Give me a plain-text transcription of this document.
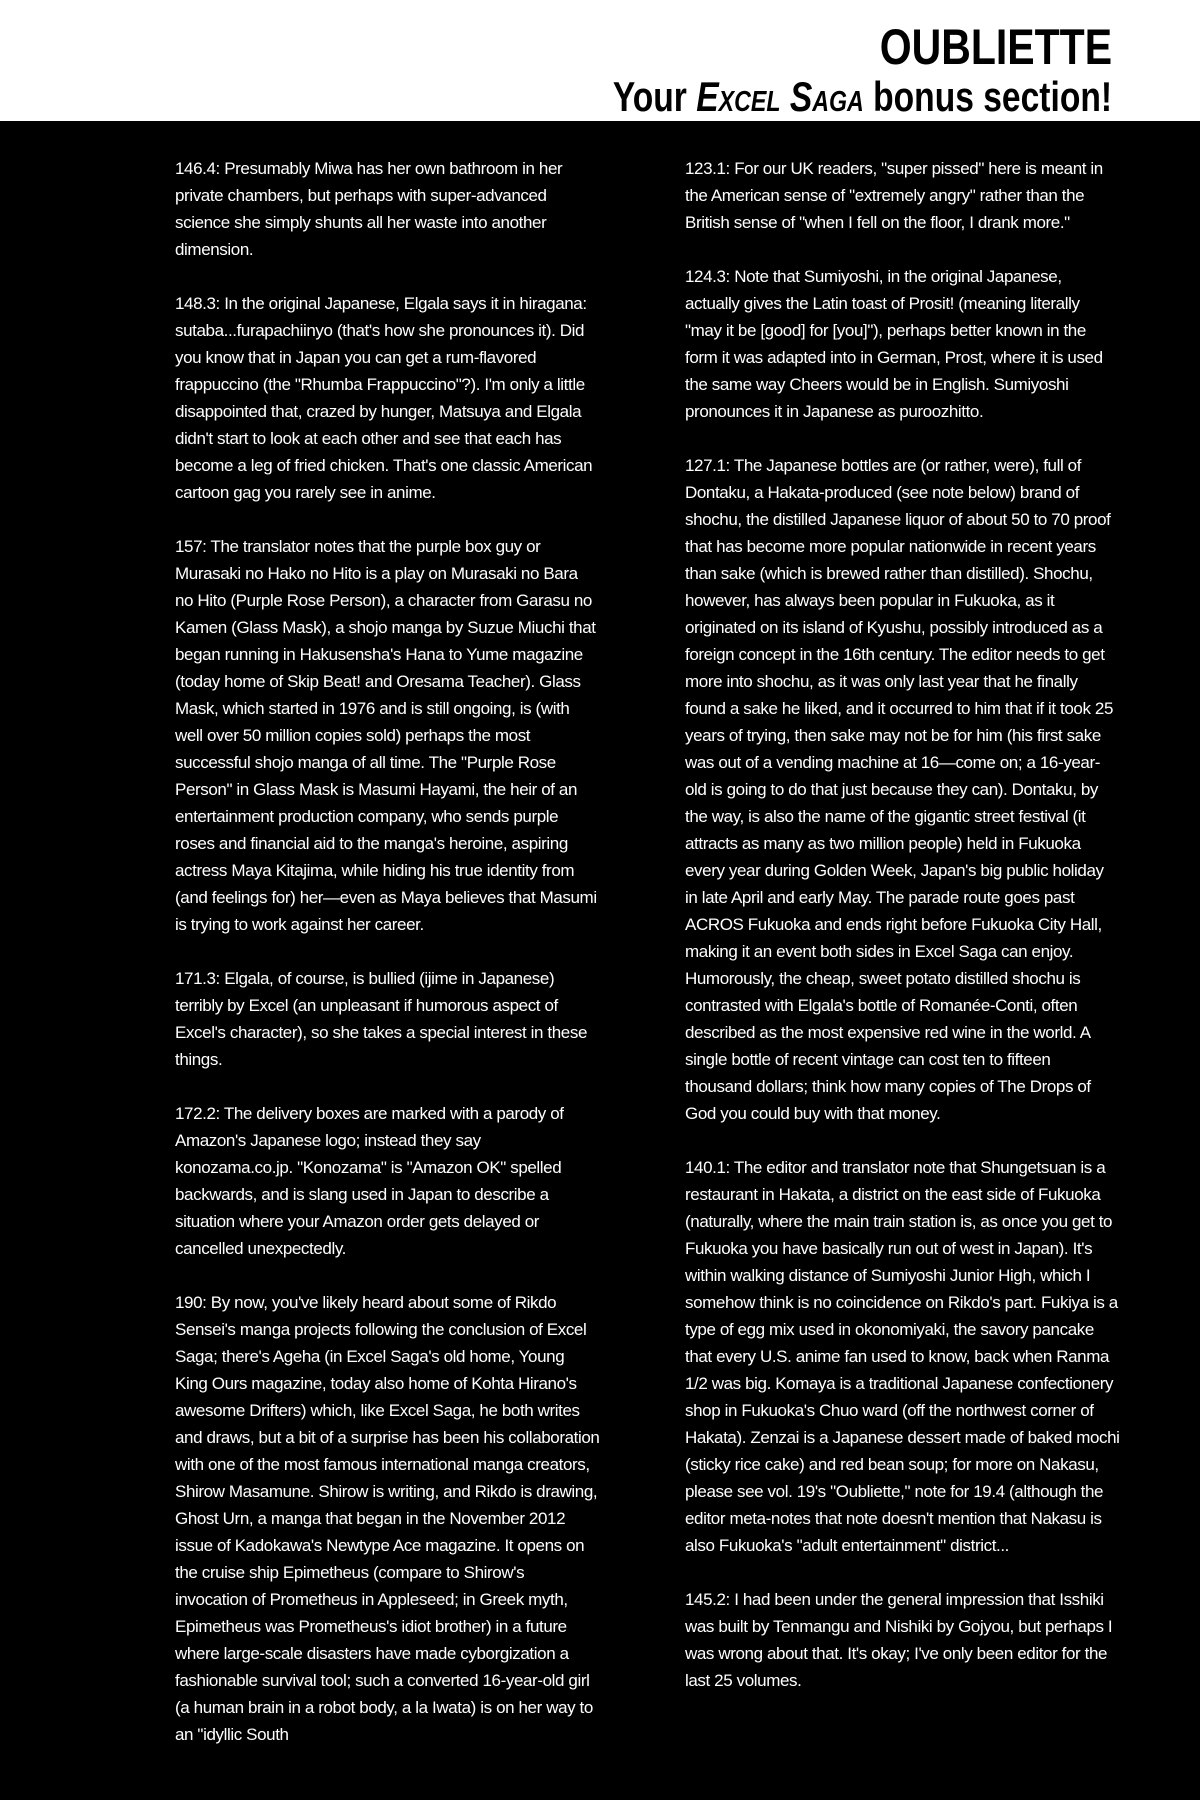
OUBLIETTE
Your Excel Saga bonus section!

146.4: Presumably Miwa has her own bathroom in her private chambers, but perhaps with super-advanced science she simply shunts all her waste into another dimension.

148.3: In the original Japanese, Elgala says it in hiragana: sutaba...furapachiinyo (that's how she pronounces it). Did you know that in Japan you can get a rum-flavored frappuccino (the "Rhumba Frappuccino"?). I'm only a little disappointed that, crazed by hunger, Matsuya and Elgala didn't start to look at each other and see that each has become a leg of fried chicken. That's one classic American cartoon gag you rarely see in anime.

157: The translator notes that the purple box guy or Murasaki no Hako no Hito is a play on Murasaki no Bara no Hito (Purple Rose Person), a character from Garasu no Kamen (Glass Mask), a shojo manga by Suzue Miuchi that began running in Hakusensha's Hana to Yume magazine (today home of Skip Beat! and Oresama Teacher). Glass Mask, which started in 1976 and is still ongoing, is (with well over 50 million copies sold) perhaps the most successful shojo manga of all time. The "Purple Rose Person" in Glass Mask is Masumi Hayami, the heir of an entertainment production company, who sends purple roses and financial aid to the manga's heroine, aspiring actress Maya Kitajima, while hiding his true identity from (and feelings for) her—even as Maya believes that Masumi is trying to work against her career.

171.3: Elgala, of course, is bullied (ijime in Japanese) terribly by Excel (an unpleasant if humorous aspect of Excel's character), so she takes a special interest in these things.

172.2: The delivery boxes are marked with a parody of Amazon's Japanese logo; instead they say konozama.co.jp. "Konozama" is "Amazon OK" spelled backwards, and is slang used in Japan to describe a situation where your Amazon order gets delayed or cancelled unexpectedly.

190: By now, you've likely heard about some of Rikdo Sensei's manga projects following the conclusion of Excel Saga; there's Ageha (in Excel Saga's old home, Young King Ours magazine, today also home of Kohta Hirano's awesome Drifters) which, like Excel Saga, he both writes and draws, but a bit of a surprise has been his collaboration with one of the most famous international manga creators, Shirow Masamune. Shirow is writing, and Rikdo is drawing, Ghost Urn, a manga that began in the November 2012 issue of Kadokawa's Newtype Ace magazine. It opens on the cruise ship Epimetheus (compare to Shirow's invocation of Prometheus in Appleseed; in Greek myth, Epimetheus was Prometheus's idiot brother) in a future where large-scale disasters have made cyborgization a fashionable survival tool; such a converted 16-year-old girl (a human brain in a robot body, a la Iwata) is on her way to an "idyllic South

123.1: For our UK readers, "super pissed" here is meant in the American sense of "extremely angry" rather than the British sense of "when I fell on the floor, I drank more."

124.3: Note that Sumiyoshi, in the original Japanese, actually gives the Latin toast of Prosit! (meaning literally "may it be [good] for [you]"), perhaps better known in the form it was adapted into in German, Prost, where it is used the same way Cheers would be in English. Sumiyoshi pronounces it in Japanese as puroozhitto.

127.1: The Japanese bottles are (or rather, were), full of Dontaku, a Hakata-produced (see note below) brand of shochu, the distilled Japanese liquor of about 50 to 70 proof that has become more popular nationwide in recent years than sake (which is brewed rather than distilled). Shochu, however, has always been popular in Fukuoka, as it originated on its island of Kyushu, possibly introduced as a foreign concept in the 16th century. The editor needs to get more into shochu, as it was only last year that he finally found a sake he liked, and it occurred to him that if it took 25 years of trying, then sake may not be for him (his first sake was out of a vending machine at 16—come on; a 16-year-old is going to do that just because they can). Dontaku, by the way, is also the name of the gigantic street festival (it attracts as many as two million people) held in Fukuoka every year during Golden Week, Japan's big public holiday in late April and early May. The parade route goes past ACROS Fukuoka and ends right before Fukuoka City Hall, making it an event both sides in Excel Saga can enjoy. Humorously, the cheap, sweet potato distilled shochu is contrasted with Elgala's bottle of Romanée-Conti, often described as the most expensive red wine in the world. A single bottle of recent vintage can cost ten to fifteen thousand dollars; think how many copies of The Drops of God you could buy with that money.

140.1: The editor and translator note that Shungetsuan is a restaurant in Hakata, a district on the east side of Fukuoka (naturally, where the main train station is, as once you get to Fukuoka you have basically run out of west in Japan). It's within walking distance of Sumiyoshi Junior High, which I somehow think is no coincidence on Rikdo's part. Fukiya is a type of egg mix used in okonomiyaki, the savory pancake that every U.S. anime fan used to know, back when Ranma 1/2 was big. Komaya is a traditional Japanese confectionery shop in Fukuoka's Chuo ward (off the northwest corner of Hakata). Zenzai is a Japanese dessert made of baked mochi (sticky rice cake) and red bean soup; for more on Nakasu, please see vol. 19's "Oubliette," note for 19.4 (although the editor meta-notes that note doesn't mention that Nakasu is also Fukuoka's "adult entertainment" district...

145.2: I had been under the general impression that Isshiki was built by Tenmangu and Nishiki by Gojyou, but perhaps I was wrong about that. It's okay; I've only been editor for the last 25 volumes.
